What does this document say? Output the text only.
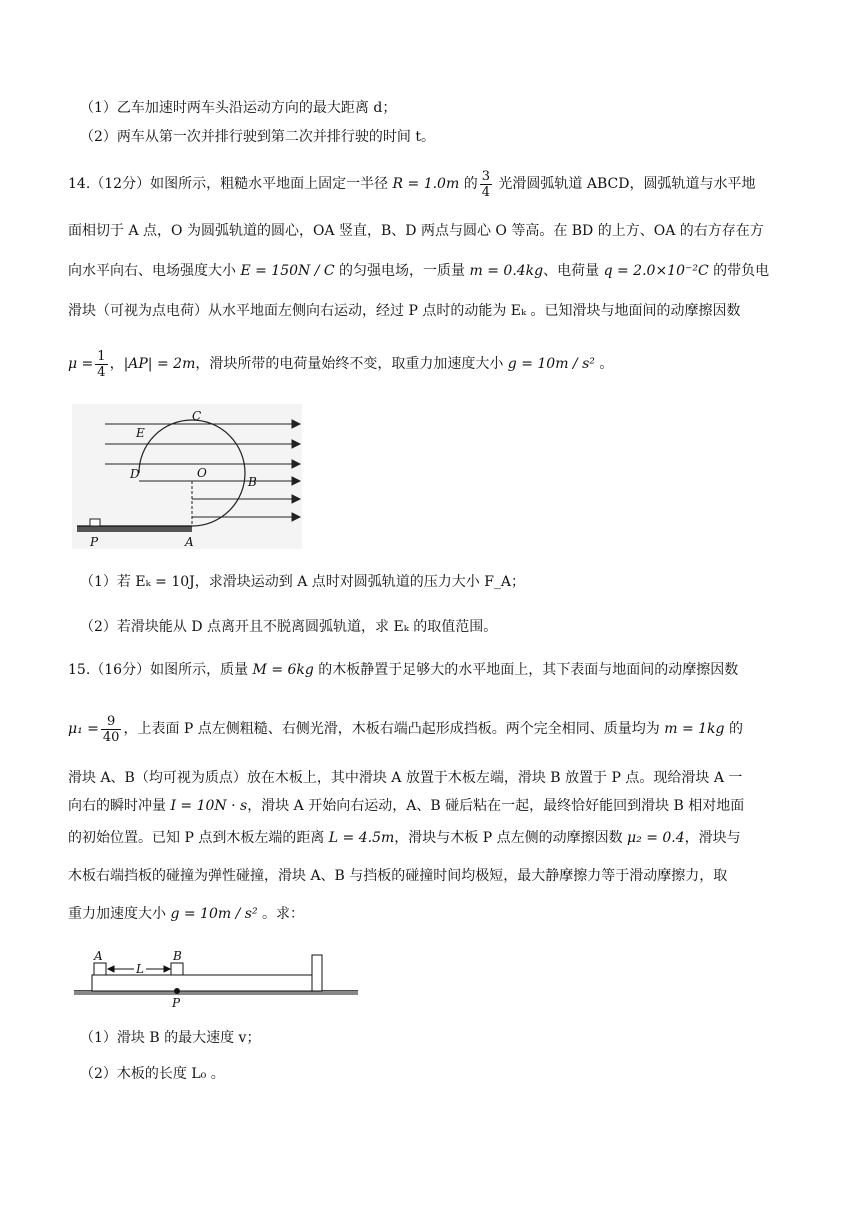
（1）乙车加速时两车头沿运动方向的最大距离 d；
（2）两车从第一次并排行驶到第二次并排行驶的时间 t。
14.（12分）如图所示，粗糙水平地面上固定一半径 R = 1.0m 的 $\frac{3}{4}$ 光滑圆弧轨道 ABCD，圆弧轨道与水平地
面相切于 A 点，O 为圆弧轨道的圆心，OA 竖直，B、D 两点与圆心 O 等高。在 BD 的上方、OA 的右方存在方
向水平向右、电场强度大小 E = 150N / C 的匀强电场，一质量 m = 0.4kg、电荷量 q = 2.0×10⁻²C 的带负电
滑块（可视为点电荷）从水平地面左侧向右运动，经过 P 点时的动能为 Eₖ 。已知滑块与地面间的动摩擦因数
$\mu = \frac{1}{4}$ ，|AP| = 2m，滑块所带的电荷量始终不变，取重力加速度大小 g = 10m / s² 。
C
E
D	O
B
P	A
（1）若 Eₖ = 10J，求滑块运动到 A 点时对圆弧轨道的压力大小 F_A；
（2）若滑块能从 D 点离开且不脱离圆弧轨道，求 Eₖ 的取值范围。
15.（16分）如图所示，质量 M = 6kg 的木板静置于足够大的水平地面上，其下表面与地面间的动摩擦因数
$\mu_1 = \frac{9}{40}$ ，上表面 P 点左侧粗糙、右侧光滑，木板右端凸起形成挡板。两个完全相同、质量均为 m = 1kg 的
滑块 A、B（均可视为质点）放在木板上，其中滑块 A 放置于木板左端，滑块 B 放置于 P 点。现给滑块 A 一
向右的瞬时冲量 I = 10N · s，滑块 A 开始向右运动，A、B 碰后粘在一起，最终恰好能回到滑块 B 相对地面
的初始位置。已知 P 点到木板左端的距离 L = 4.5m，滑块与木板 P 点左侧的动摩擦因数 μ₂ = 0.4，滑块与
木板右端挡板的碰撞为弹性碰撞，滑块 A、B 与挡板的碰撞时间均极短，最大静摩擦力等于滑动摩擦力，取
重力加速度大小 g = 10m / s² 。求：
A	B
L
P
（1）滑块 B 的最大速度 v；
（2）木板的长度 L₀ 。
